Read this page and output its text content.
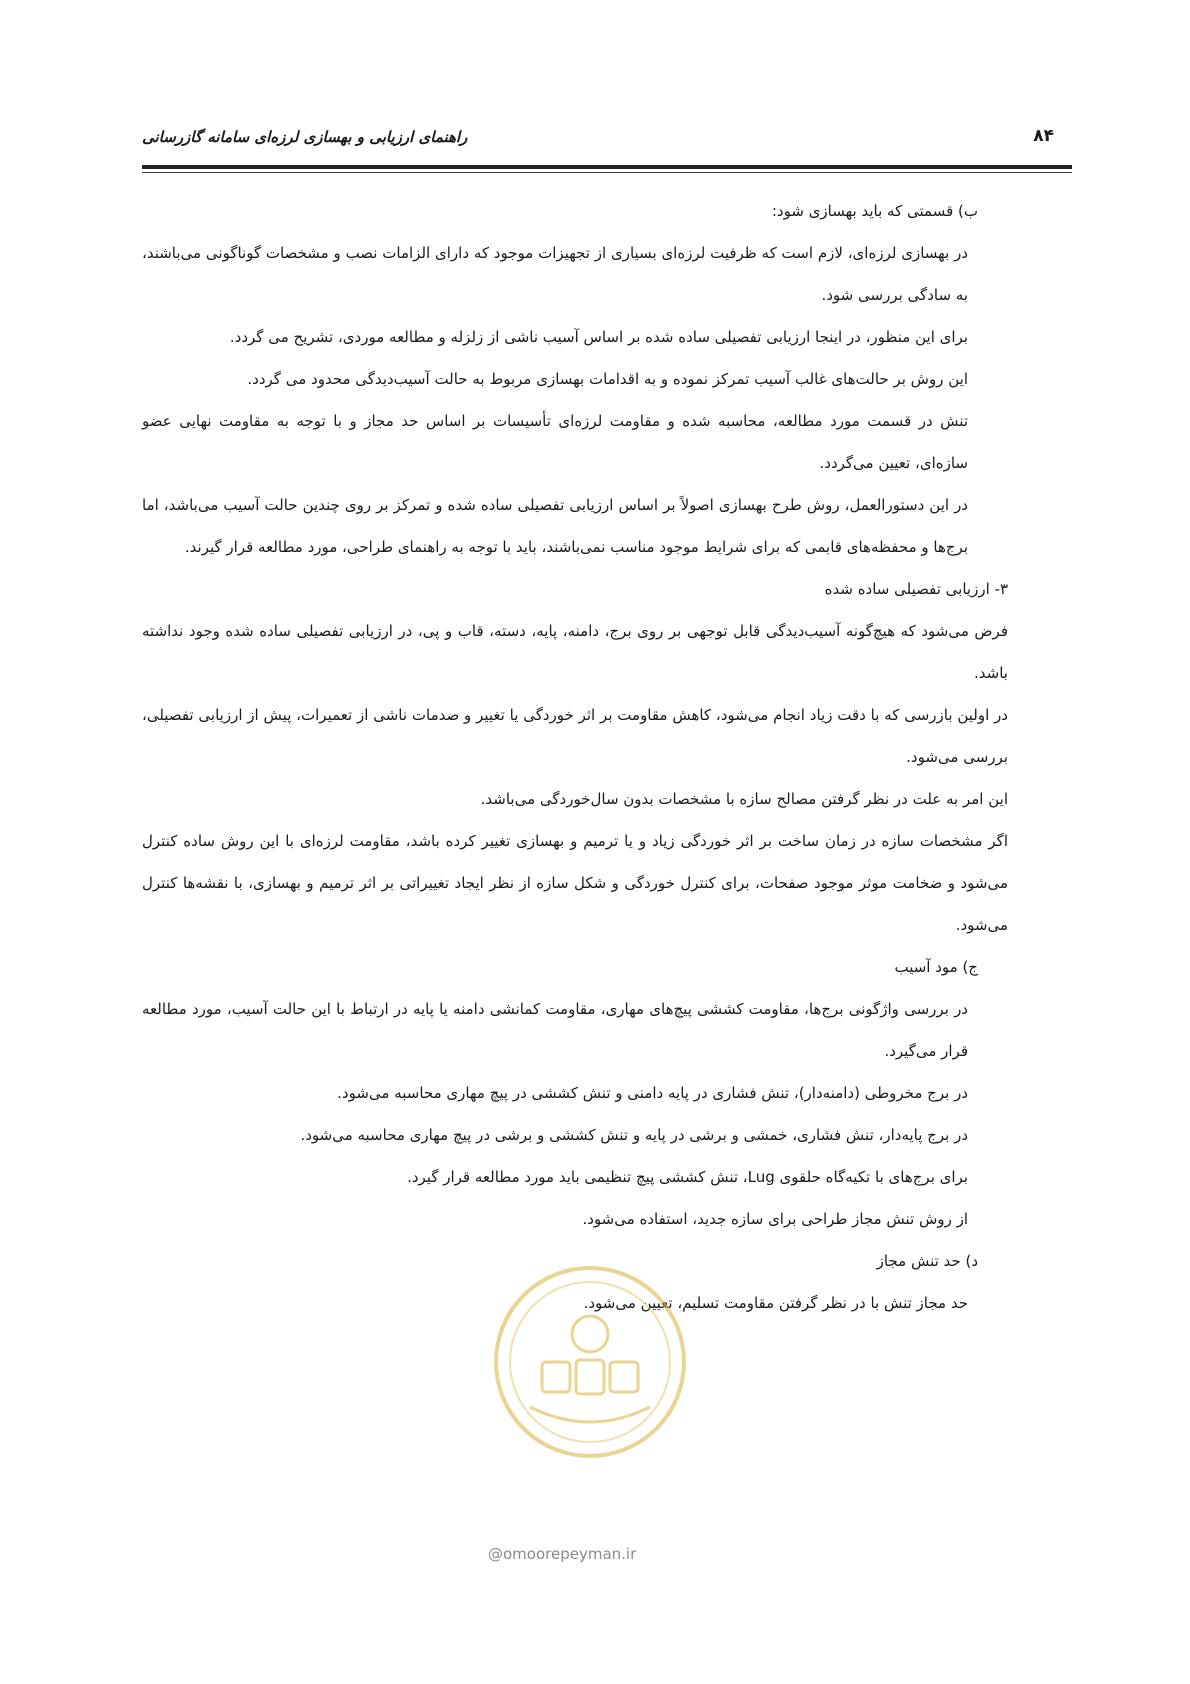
۸۴
راهنمای ارزیابی و بهسازی لرزه‌ای سامانه گازرسانی

ب) قسمتی که باید بهسازی شود:

در بهسازی لرزه‌ای، لازم است که ظرفیت لرزه‌ای بسیاری از تجهیزات موجود که دارای الزامات نصب و مشخصات گوناگونی می‌باشند، به سادگی بررسی شود.

برای این منظور، در اینجا ارزیابی تفصیلی ساده شده بر اساس آسیب ناشی از زلزله و مطالعه موردی، تشریح می گردد.

این روش بر حالت‌های غالب آسیب تمرکز نموده و به اقدامات بهسازی مربوط به حالت آسیب‌دیدگی محدود می گردد.

تنش در قسمت مورد مطالعه، محاسبه شده و مقاومت لرزه‌ای تأسیسات بر اساس حد مجاز و با توجه به مقاومت نهایی عضو سازه‌ای، تعیین می‌گردد.

در این دستورالعمل، روش طرح بهسازی اصولاً بر اساس ارزیابی تفصیلی ساده شده و تمرکز بر روی چندین حالت آسیب می‌باشد، اما برج‌ها و محفظه‌های قابمی که برای شرایط موجود مناسب نمی‌باشند، باید با توجه به راهنمای طراحی، مورد مطالعه قرار گیرند.

۳- ارزیابی تفصیلی ساده شده

فرض می‌شود که هیچ‌گونه آسیب‌دیدگی قابل توجهی بر روی برج، دامنه، پایه، دسته، قاب و پی، در ارزیابی تفصیلی ساده شده وجود نداشته باشد.

در اولین بازرسی که با دقت زیاد انجام می‌شود، کاهش مقاومت بر اثر خوردگی یا تغییر و صدمات ناشی از تعمیرات، پیش از ارزیابی تفصیلی، بررسی می‌شود.

این امر به علت در نظر گرفتن مصالح سازه با مشخصات بدون سال‌خوردگی می‌باشد.

اگر مشخصات سازه در زمان ساخت بر اثر خوردگی زیاد و یا ترمیم و بهسازی تغییر کرده باشد، مقاومت لرزه‌ای با این روش ساده کنترل می‌شود و ضخامت موثر موجود صفحات، برای کنترل خوردگی و شکل سازه از نظر ایجاد تغییراتی بر اثر ترمیم و بهسازی، با نقشه‌ها کنترل می‌شود.

ج) مود آسیب

در بررسی واژگونی برج‌ها، مقاومت کششی پیچ‌های مهاری، مقاومت کمانشی دامنه یا پایه در ارتباط با این حالت آسیب، مورد مطالعه قرار می‌گیرد.

در برج مخروطی (دامنه‌دار)، تنش فشاری در پایه دامنی و تنش کششی در پیچ مهاری محاسبه می‌شود.

در برج پایه‌دار، تنش فشاری، خمشی و برشی در پایه و تنش کششی و برشی در پیچ مهاری محاسبه می‌شود.

برای برج‌های با تکیه‌گاه حلقوی Lug، تنش کششی پیچ تنظیمی باید مورد مطالعه قرار گیرد.

از روش تنش مجاز طراحی برای سازه جدید، استفاده می‌شود.

د) حد تنش مجاز

حد مجاز تنش با در نظر گرفتن مقاومت تسلیم، تعیین می‌شود.

@omoorepeyman.ir
